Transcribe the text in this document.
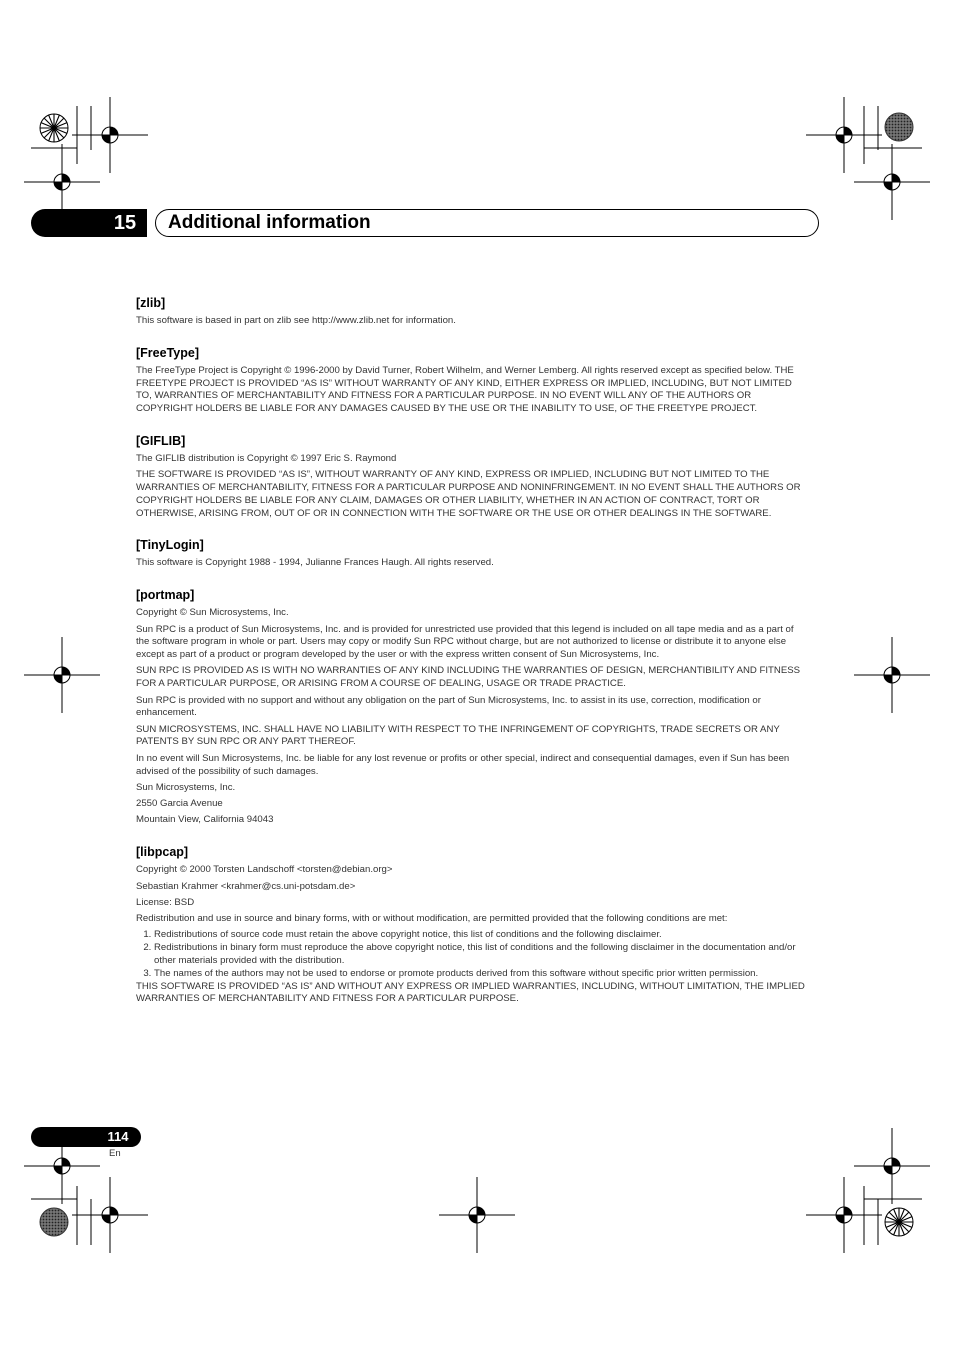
15 Additional information
[zlib]

This software is based in part on zlib see http://www.zlib.net for information.

[FreeType]

The FreeType Project is Copyright © 1996-2000 by David Turner, Robert Wilhelm, and Werner Lemberg. All rights reserved except as specified below. THE FREETYPE PROJECT IS PROVIDED “AS IS” WITHOUT WARRANTY OF ANY KIND, EITHER EXPRESS OR IMPLIED, INCLUDING, BUT NOT LIMITED TO, WARRANTIES OF MERCHANTABILITY AND FITNESS FOR A PARTICULAR PURPOSE. IN NO EVENT WILL ANY OF THE AUTHORS OR COPYRIGHT HOLDERS BE LIABLE FOR ANY DAMAGES CAUSED BY THE USE OR THE INABILITY TO USE, OF THE FREETYPE PROJECT.

[GIFLIB]

The GIFLIB distribution is Copyright © 1997 Eric S. Raymond

THE SOFTWARE IS PROVIDED “AS IS”, WITHOUT WARRANTY OF ANY KIND, EXPRESS OR IMPLIED, INCLUDING BUT NOT LIMITED TO THE WARRANTIES OF MERCHANTABILITY, FITNESS FOR A PARTICULAR PURPOSE AND NONINFRINGEMENT. IN NO EVENT SHALL THE AUTHORS OR COPYRIGHT HOLDERS BE LIABLE FOR ANY CLAIM, DAMAGES OR OTHER LIABILITY, WHETHER IN AN ACTION OF CONTRACT, TORT OR OTHERWISE, ARISING FROM, OUT OF OR IN CONNECTION WITH THE SOFTWARE OR THE USE OR OTHER DEALINGS IN THE SOFTWARE.

[TinyLogin]

This software is Copyright 1988 - 1994, Julianne Frances Haugh. All rights reserved.

[portmap]

Copyright © Sun Microsystems, Inc.

Sun RPC is a product of Sun Microsystems, Inc. and is provided for unrestricted use provided that this legend is included on all tape media and as a part of the software program in whole or part. Users may copy or modify Sun RPC without charge, but are not authorized to license or distribute it to anyone else except as part of a product or program developed by the user or with the express written consent of Sun Microsystems, Inc.

SUN RPC IS PROVIDED AS IS WITH NO WARRANTIES OF ANY KIND INCLUDING THE WARRANTIES OF DESIGN, MERCHANTIBILITY AND FITNESS FOR A PARTICULAR PURPOSE, OR ARISING FROM A COURSE OF DEALING, USAGE OR TRADE PRACTICE.

Sun RPC is provided with no support and without any obligation on the part of Sun Microsystems, Inc. to assist in its use, correction, modification or enhancement.

SUN MICROSYSTEMS, INC. SHALL HAVE NO LIABILITY WITH RESPECT TO THE INFRINGEMENT OF COPYRIGHTS, TRADE SECRETS OR ANY PATENTS BY SUN RPC OR ANY PART THEREOF.

In no event will Sun Microsystems, Inc. be liable for any lost revenue or profits or other special, indirect and consequential damages, even if Sun has been advised of the possibility of such damages.

Sun Microsystems, Inc.

2550 Garcia Avenue

Mountain View, California 94043

[libpcap]

Copyright © 2000 Torsten Landschoff <torsten@debian.org>

Sebastian Krahmer <krahmer@cs.uni-potsdam.de>

License: BSD

Redistribution and use in source and binary forms, with or without modification, are permitted provided that the following conditions are met:

1. Redistributions of source code must retain the above copyright notice, this list of conditions and the following disclaimer.
2. Redistributions in binary form must reproduce the above copyright notice, this list of conditions and the following disclaimer in the documentation and/or other materials provided with the distribution.
3. The names of the authors may not be used to endorse or promote products derived from this software without specific prior written permission.

THIS SOFTWARE IS PROVIDED “AS IS” AND WITHOUT ANY EXPRESS OR IMPLIED WARRANTIES, INCLUDING, WITHOUT LIMITATION, THE IMPLIED WARRANTIES OF MERCHANTABILITY AND FITNESS FOR A PARTICULAR PURPOSE.

114
En
